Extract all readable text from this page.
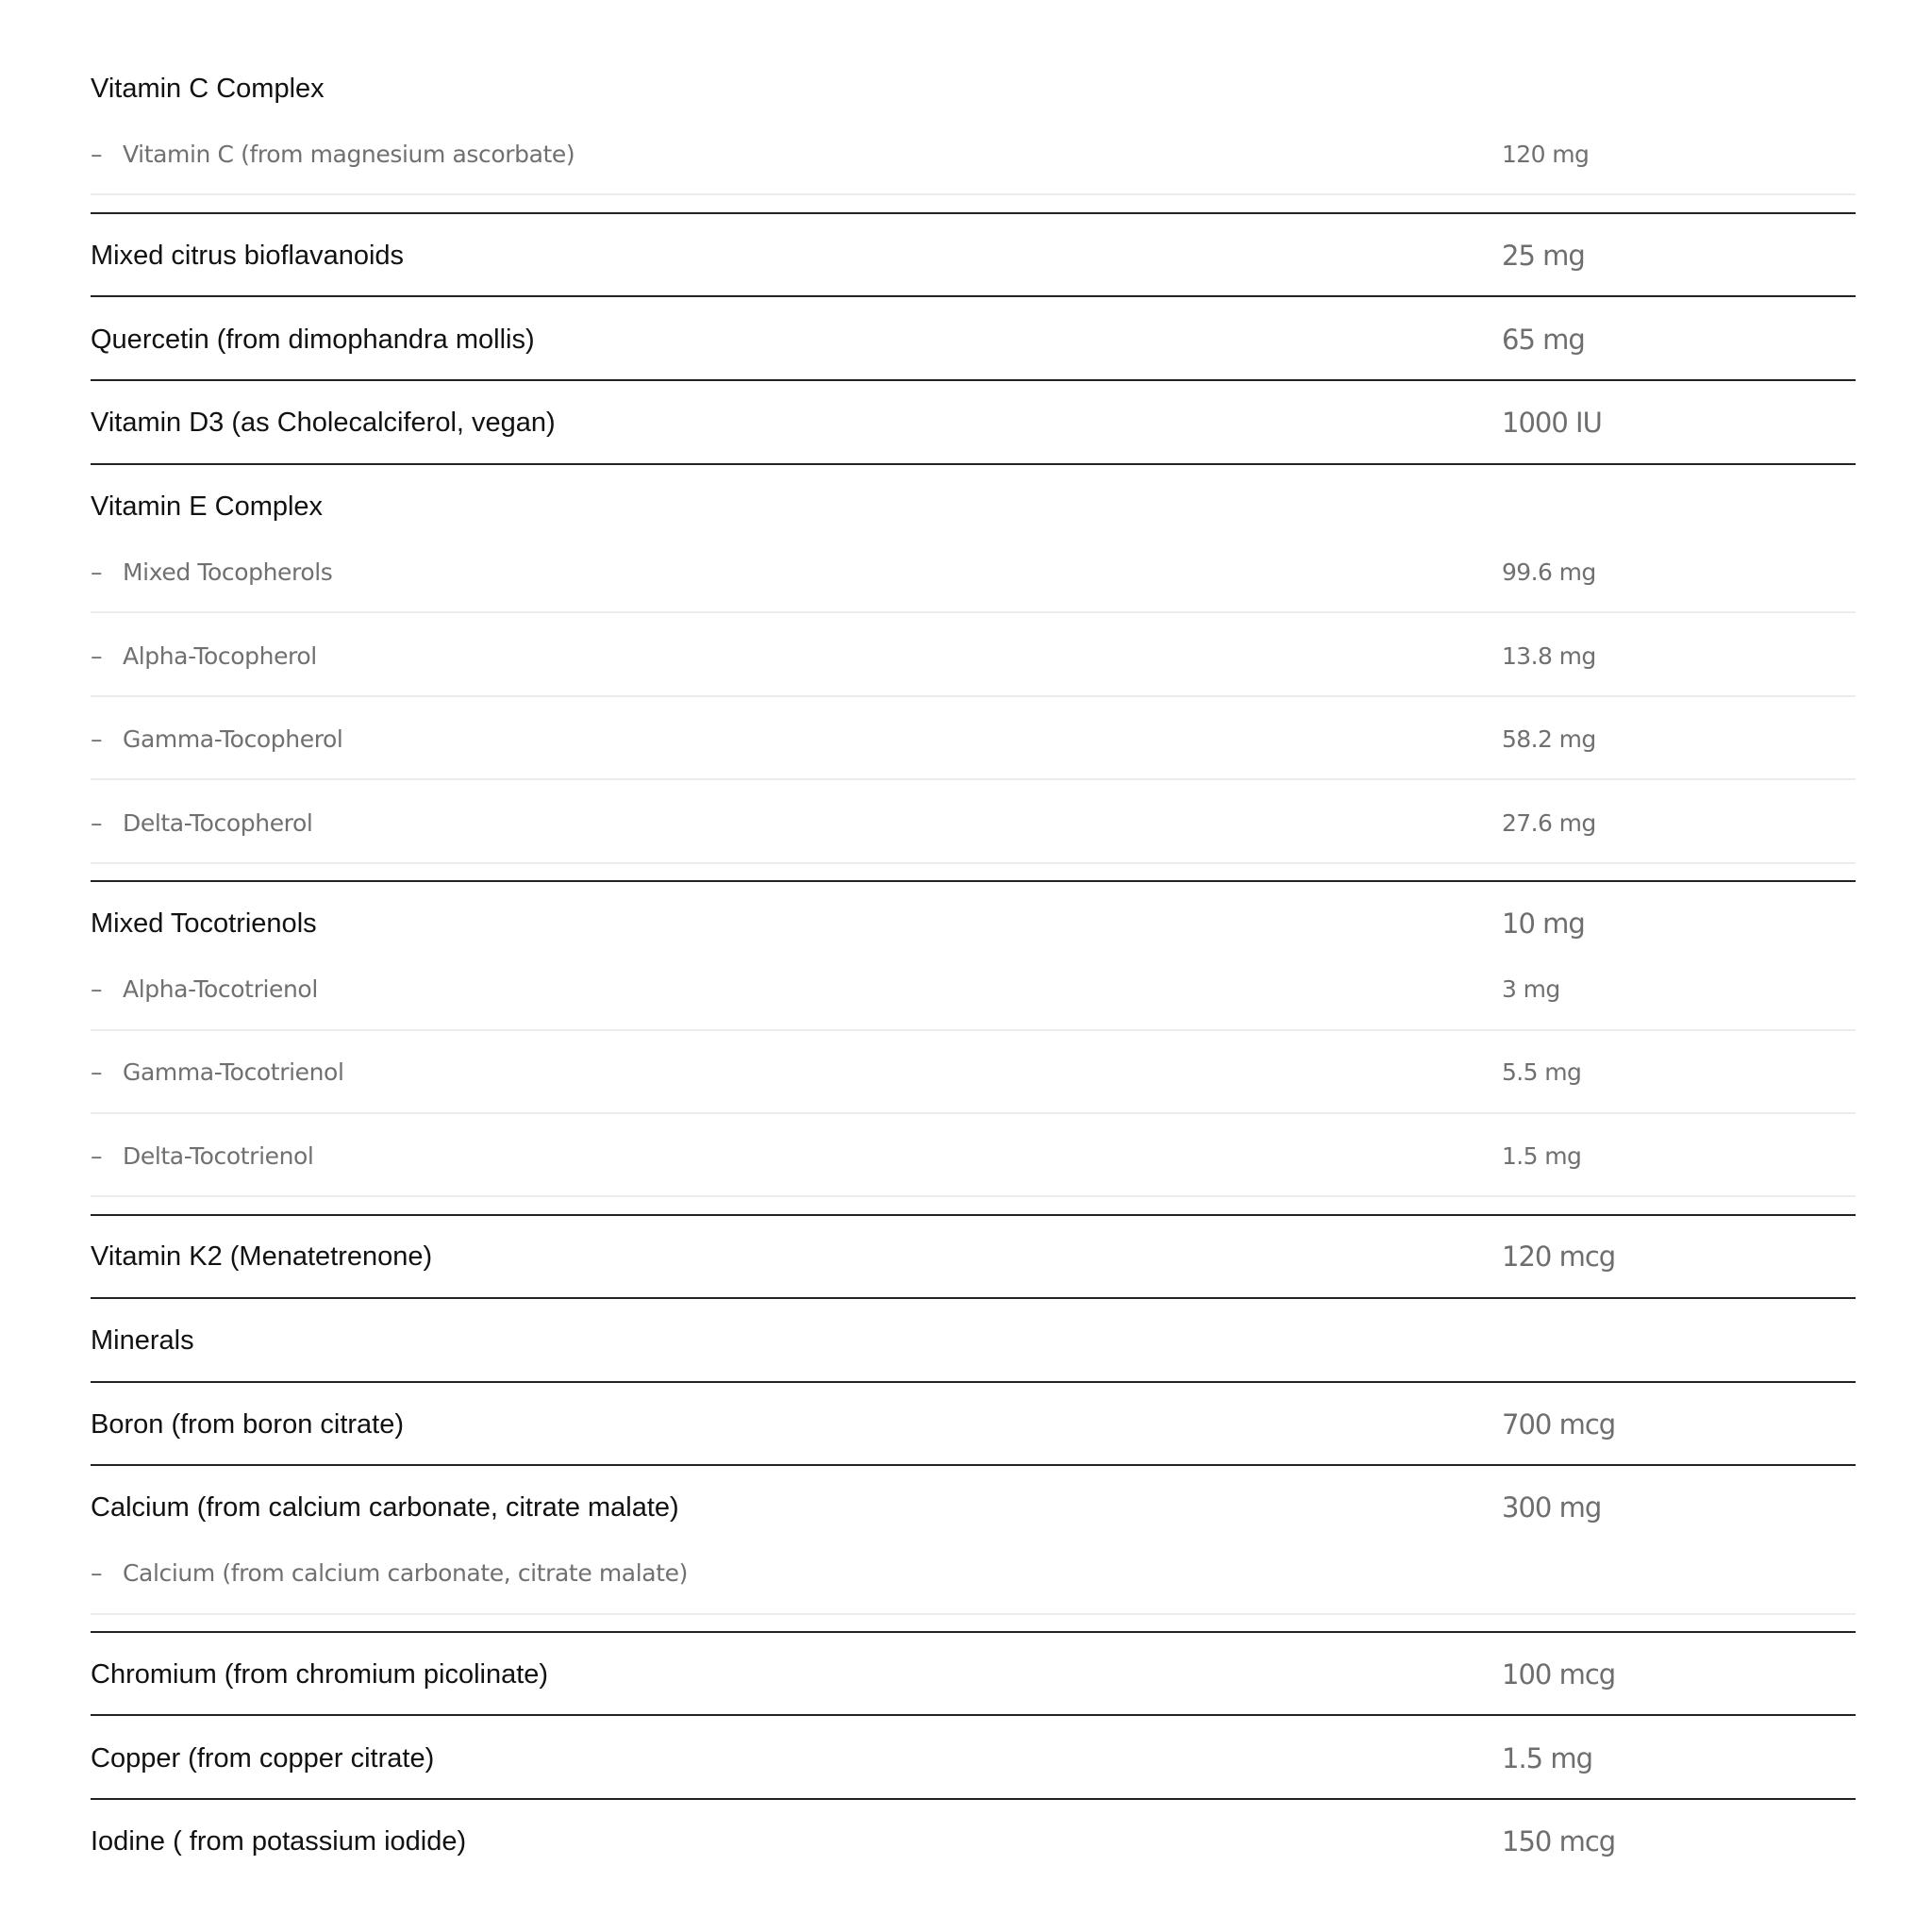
Vitamin C Complex
– Vitamin C (from magnesium ascorbate)	120 mg
Mixed citrus bioflavanoids	25 mg
Quercetin (from dimophandra mollis)	65 mg
Vitamin D3 (as Cholecalciferol, vegan)	1000 IU
Vitamin E Complex
– Mixed Tocopherols	99.6 mg
– Alpha-Tocopherol	13.8 mg
– Gamma-Tocopherol	58.2 mg
– Delta-Tocopherol	27.6 mg
Mixed Tocotrienols	10 mg
– Alpha-Tocotrienol	3 mg
– Gamma-Tocotrienol	5.5 mg
– Delta-Tocotrienol	1.5 mg
Vitamin K2 (Menatetrenone)	120 mcg
Minerals
Boron (from boron citrate)	700 mcg
Calcium (from calcium carbonate, citrate malate)	300 mg
– Calcium (from calcium carbonate, citrate malate)
Chromium (from chromium picolinate)	100 mcg
Copper (from copper citrate)	1.5 mg
Iodine ( from potassium iodide)	150 mcg
